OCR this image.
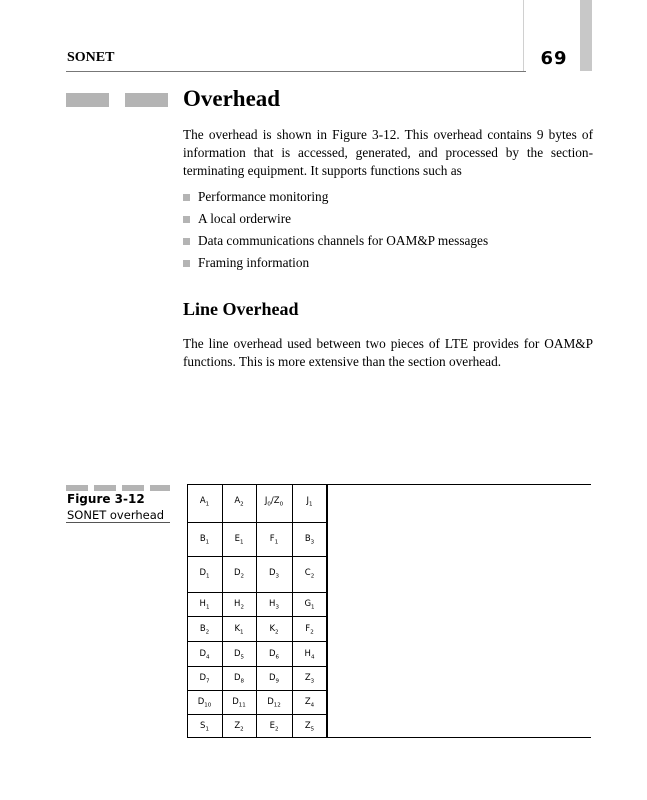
69
SONET
Overhead

The overhead is shown in Figure 3-12. This overhead contains 9 bytes of information that is accessed, generated, and processed by the section-terminating equipment. It supports functions such as

Performance monitoring
A local orderwire
Data communications channels for OAM&P messages
Framing information
Line Overhead

The line overhead used between two pieces of LTE provides for OAM&P functions. This is more extensive than the section overhead.

Figure 3-12
SONET overhead
$A_1$	$A_2$	$J_0/Z_0$	$J_1$
$B_1$	$E_1$	$F_1$	$B_3$
$D_1$	$D_2$	$D_3$	$C_2$
$H_1$	$H_2$	$H_3$	$G_1$
$B_2$	$K_1$	$K_2$	$F_2$
$D_4$	$D_5$	$D_6$	$H_4$
$D_7$	$D_8$	$D_9$	$Z_3$
$D_{10}$	$D_{11}$	$D_{12}$	$Z_4$
$S_1$	$Z_2$	$E_2$	$Z_5$
